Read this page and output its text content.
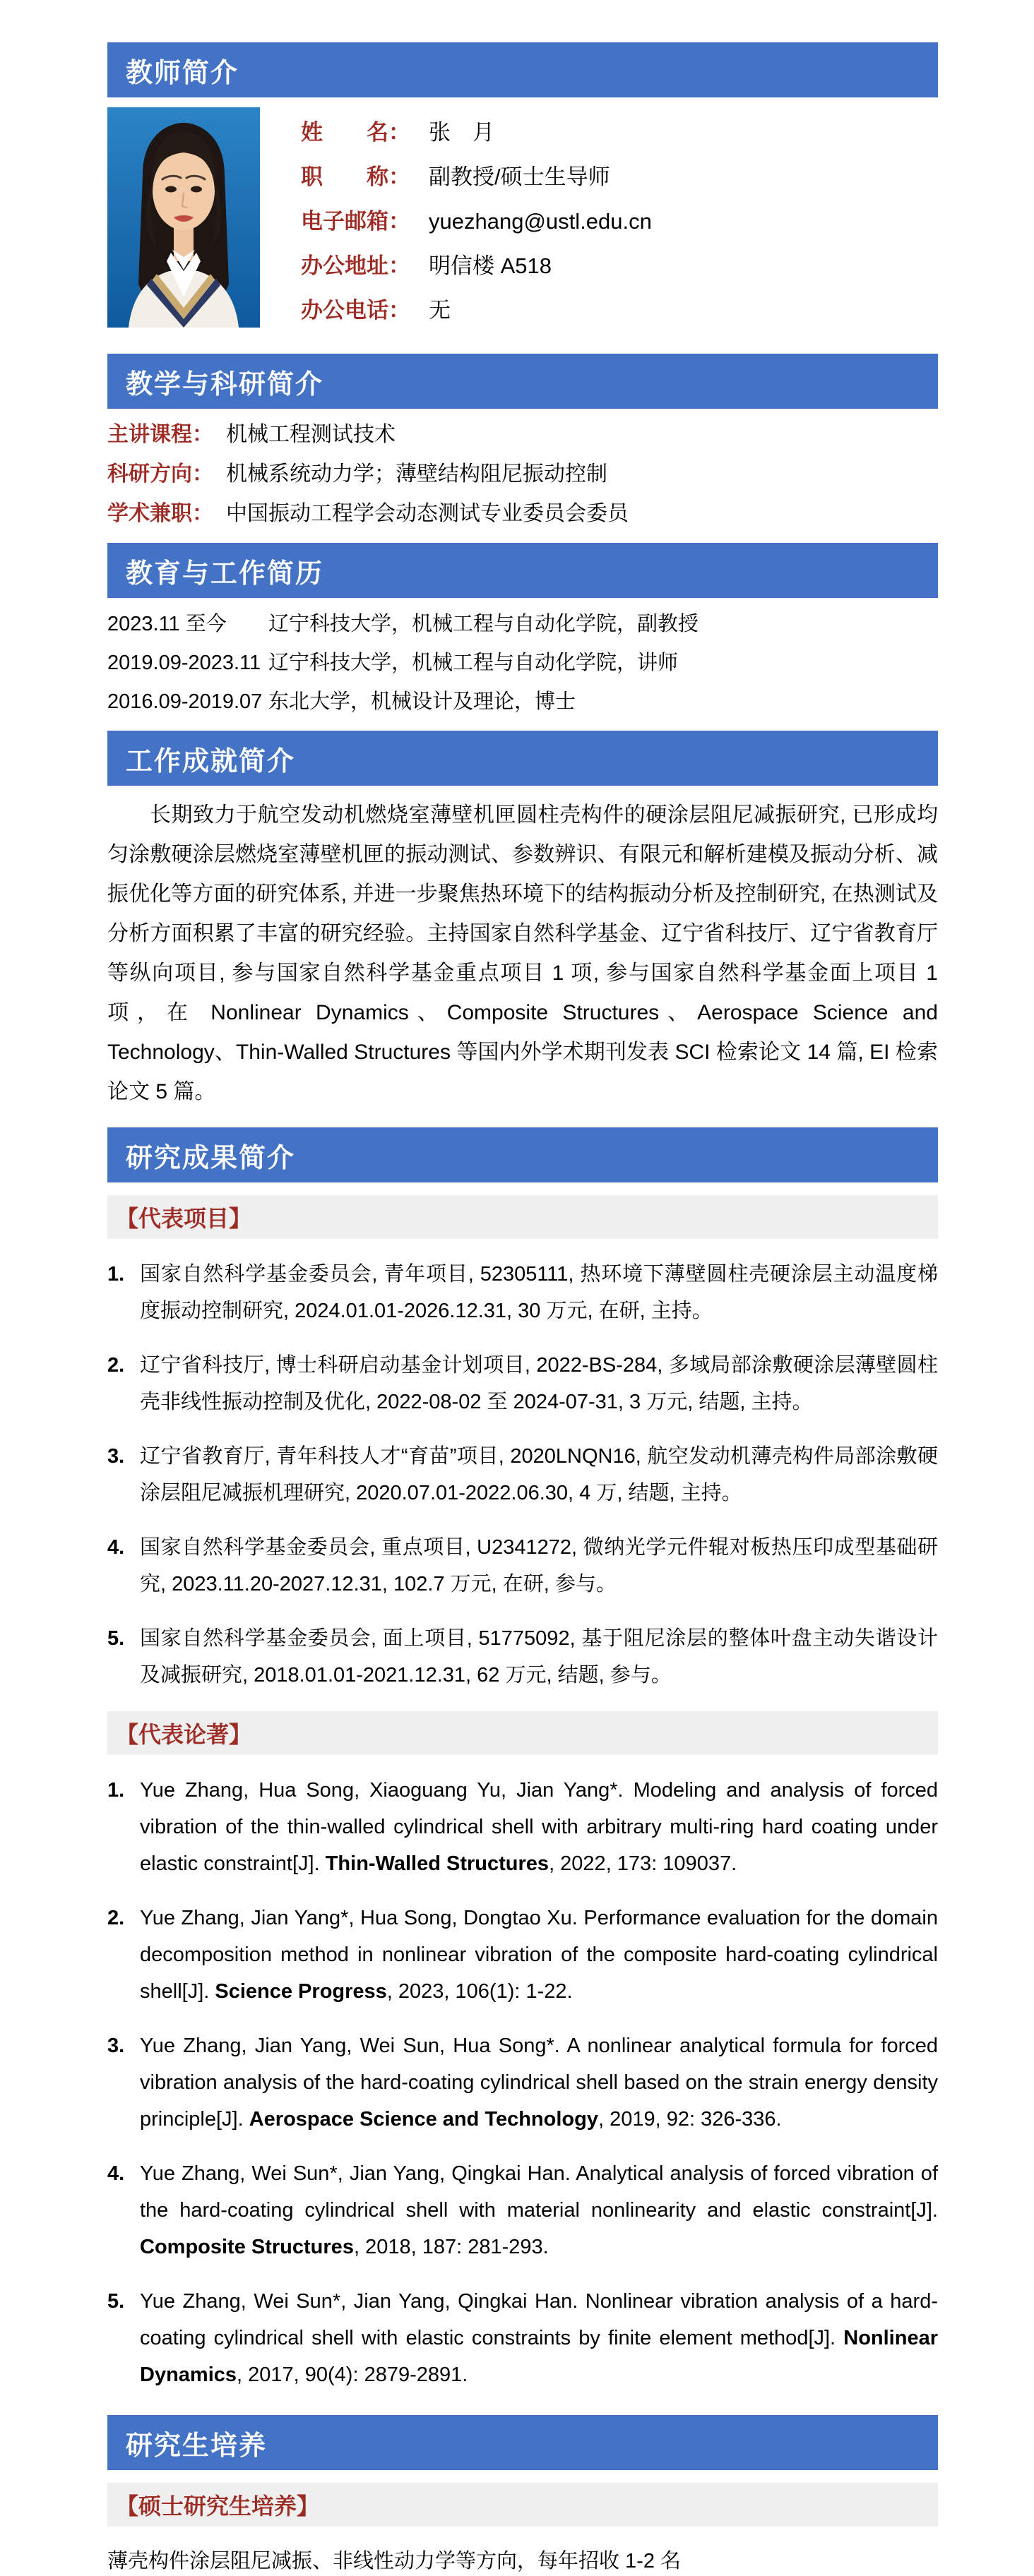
教师简介
姓　　名： 张　月
职　　称： 副教授/硕士生导师
电子邮箱： yuezhang@ustl.edu.cn
办公地址： 明信楼 A518
办公电话： 无
教学与科研简介
主讲课程： 机械工程测试技术
科研方向： 机械系统动力学；薄壁结构阻尼振动控制
学术兼职： 中国振动工程学会动态测试专业委员会委员
教育与工作简历
2023.11 至今	辽宁科技大学，机械工程与自动化学院，副教授
2019.09-2023.11 辽宁科技大学，机械工程与自动化学院，讲师
2016.09-2019.07 东北大学，机械设计及理论，博士
工作成就简介

长期致力于航空发动机燃烧室薄壁机匣圆柱壳构件的硬涂层阻尼减振研究, 已形成均匀涂敷硬涂层燃烧室薄壁机匣的振动测试、参数辨识、有限元和解析建模及振动分析、减振优化等方面的研究体系, 并进一步聚焦热环境下的结构振动分析及控制研究, 在热测试及分析方面积累了丰富的研究经验。主持国家自然科学基金、辽宁省科技厅、辽宁省教育厅等纵向项目, 参与国家自然科学基金重点项目 1 项, 参与国家自然科学基金面上项目 1 项，在 Nonlinear Dynamics、Composite Structures、Aerospace Science and Technology、Thin-Walled Structures 等国内外学术期刊发表 SCI 检索论文 14 篇, EI 检索论文 5 篇。

研究成果简介
【代表项目】
1. 国家自然科学基金委员会, 青年项目, 52305111, 热环境下薄壁圆柱壳硬涂层主动温度梯度振动控制研究, 2024.01.01-2026.12.31, 30 万元, 在研, 主持。
2. 辽宁省科技厅, 博士科研启动基金计划项目, 2022-BS-284, 多域局部涂敷硬涂层薄壁圆柱壳非线性振动控制及优化, 2022-08-02 至 2024-07-31, 3 万元, 结题, 主持。
3. 辽宁省教育厅, 青年科技人才“育苗”项目, 2020LNQN16, 航空发动机薄壳构件局部涂敷硬涂层阻尼减振机理研究, 2020.07.01-2022.06.30, 4 万, 结题, 主持。
4. 国家自然科学基金委员会, 重点项目, U2341272, 微纳光学元件辊对板热压印成型基础研究, 2023.11.20-2027.12.31, 102.7 万元, 在研, 参与。
5. 国家自然科学基金委员会, 面上项目, 51775092, 基于阻尼涂层的整体叶盘主动失谐设计及减振研究, 2018.01.01-2021.12.31, 62 万元, 结题, 参与。
【代表论著】
1. Yue Zhang, Hua Song, Xiaoguang Yu, Jian Yang*. Modeling and analysis of forced vibration of the thin-walled cylindrical shell with arbitrary multi-ring hard coating under elastic constraint[J]. Thin-Walled Structures, 2022, 173: 109037.
2. Yue Zhang, Jian Yang*, Hua Song, Dongtao Xu. Performance evaluation for the domain decomposition method in nonlinear vibration of the composite hard-coating cylindrical shell[J]. Science Progress, 2023, 106(1): 1-22.
3. Yue Zhang, Jian Yang, Wei Sun, Hua Song*. A nonlinear analytical formula for forced vibration analysis of the hard-coating cylindrical shell based on the strain energy density principle[J]. Aerospace Science and Technology, 2019, 92: 326-336.
4. Yue Zhang, Wei Sun*, Jian Yang, Qingkai Han. Analytical analysis of forced vibration of the hard-coating cylindrical shell with material nonlinearity and elastic constraint[J]. Composite Structures, 2018, 187: 281-293.
5. Yue Zhang, Wei Sun*, Jian Yang, Qingkai Han. Nonlinear vibration analysis of a hard-coating cylindrical shell with elastic constraints by finite element method[J]. Nonlinear Dynamics, 2017, 90(4): 2879-2891.
研究生培养
【硕士研究生培养】
薄壳构件涂层阻尼减振、非线性动力学等方向，每年招收 1-2 名
